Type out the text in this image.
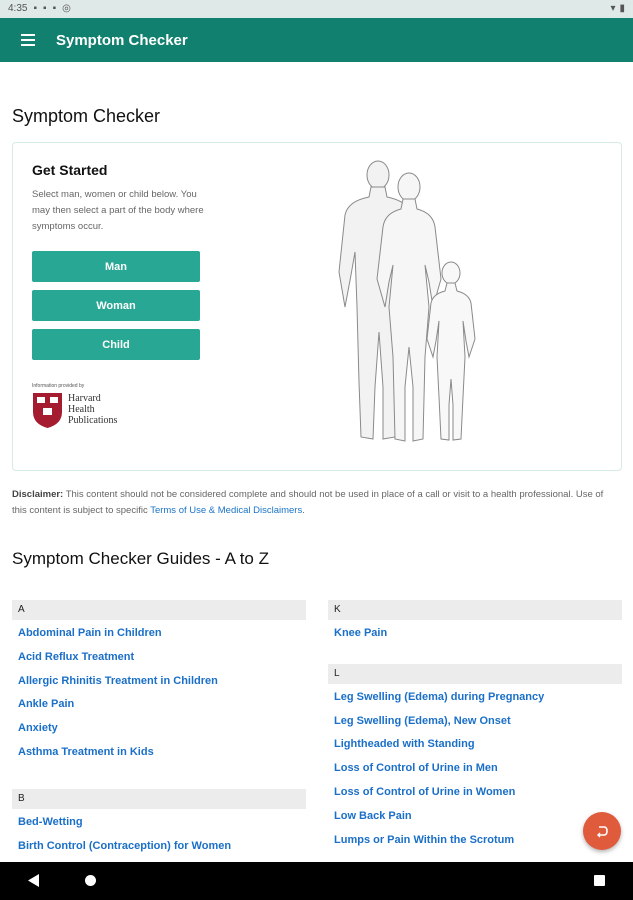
4:35 ▪ ▪ ▪ ◎	▾ ▮
Symptom Checker
Symptom Checker
Get Started
Select man, women or child below. You may then select a part of the body where symptoms occur.
Man
Woman
Child
Information provided by
Harvard
Health
Publications
Disclaimer: This content should not be considered complete and should not be used in place of a call or visit to a health professional. Use of this content is subject to specific Terms of Use & Medical Disclaimers.
Symptom Checker Guides - A to Z
A
Abdominal Pain in Children
Acid Reflux Treatment
Allergic Rhinitis Treatment in Children
Ankle Pain
Anxiety
Asthma Treatment in Kids
B
Bed-Wetting
Birth Control (Contraception) for Women
K
Knee Pain
L
Leg Swelling (Edema) during Pregnancy
Leg Swelling (Edema), New Onset
Lightheaded with Standing
Loss of Control of Urine in Men
Loss of Control of Urine in Women
Low Back Pain
Lumps or Pain Within the Scrotum
